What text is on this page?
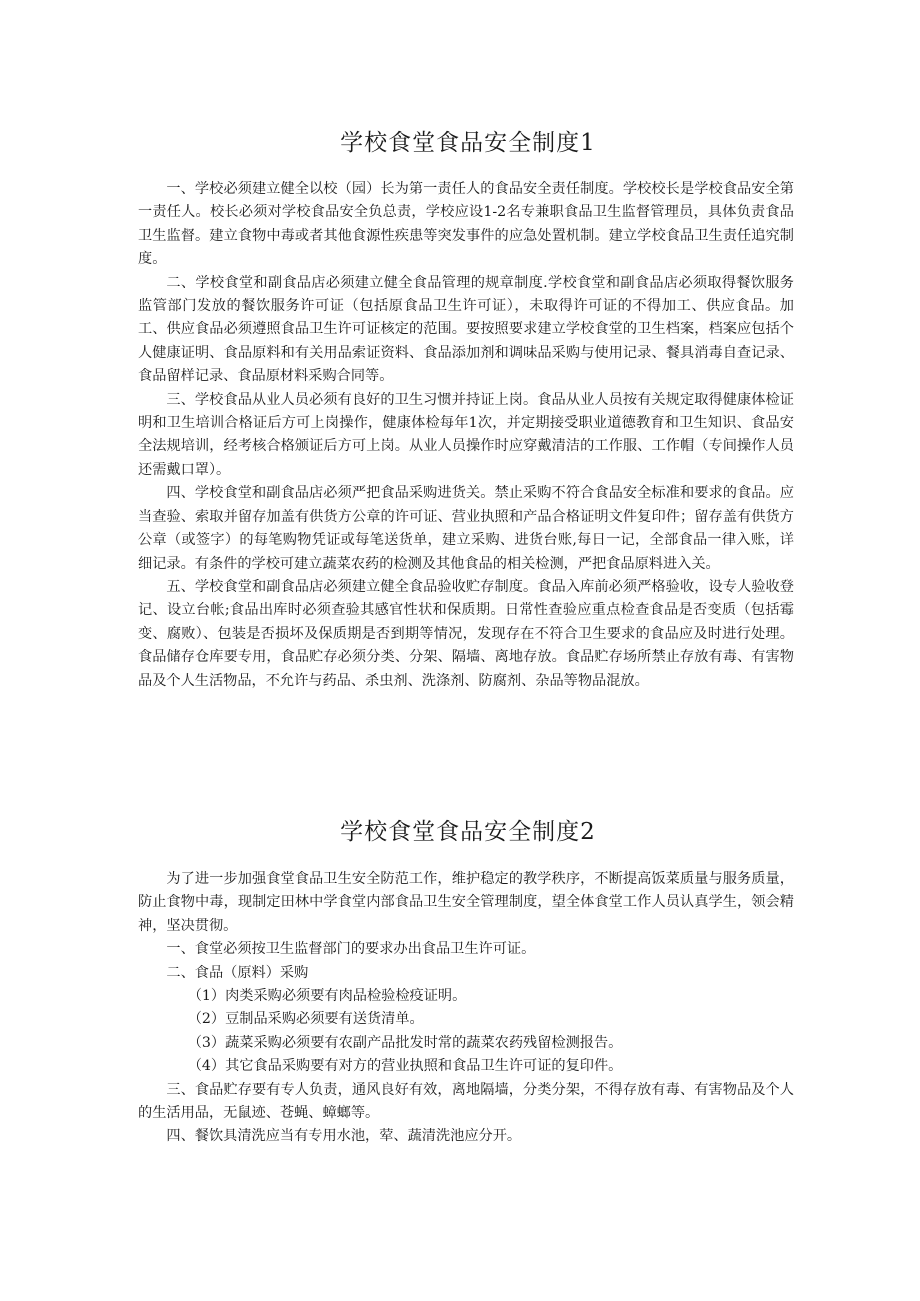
学校食堂食品安全制度1

一、学校必须建立健全以校（园）长为第一责任人的食品安全责任制度。学校校长是学校食品安全第一责任人。校长必须对学校食品安全负总责，学校应设1-2名专兼职食品卫生监督管理员，具体负责食品卫生监督。建立食物中毒或者其他食源性疾患等突发事件的应急处置机制。建立学校食品卫生责任追究制度。

二、学校食堂和副食品店必须建立健全食品管理的规章制度.学校食堂和副食品店必须取得餐饮服务监管部门发放的餐饮服务许可证（包括原食品卫生许可证），未取得许可证的不得加工、供应食品。加工、供应食品必须遵照食品卫生许可证核定的范围。要按照要求建立学校食堂的卫生档案，档案应包括个人健康证明、食品原料和有关用品索证资料、食品添加剂和调味品采购与使用记录、餐具消毒自查记录、食品留样记录、食品原材料采购合同等。

三、学校食品从业人员必须有良好的卫生习惯并持证上岗。食品从业人员按有关规定取得健康体检证明和卫生培训合格证后方可上岗操作，健康体检每年1次，并定期接受职业道德教育和卫生知识、食品安全法规培训，经考核合格颁证后方可上岗。从业人员操作时应穿戴清洁的工作服、工作帽（专间操作人员还需戴口罩）。

四、学校食堂和副食品店必须严把食品采购进货关。禁止采购不符合食品安全标准和要求的食品。应当查验、索取并留存加盖有供货方公章的许可证、营业执照和产品合格证明文件复印件；留存盖有供货方公章（或签字）的每笔购物凭证或每笔送货单，建立采购、进货台账,每日一记，全部食品一律入账，详细记录。有条件的学校可建立蔬菜农药的检测及其他食品的相关检测，严把食品原料进入关。

五、学校食堂和副食品店必须建立健全食品验收贮存制度。食品入库前必须严格验收，设专人验收登记、设立台帐;食品出库时必须查验其感官性状和保质期。日常性查验应重点检查食品是否变质（包括霉变、腐败）、包装是否损坏及保质期是否到期等情况，发现存在不符合卫生要求的食品应及时进行处理。食品储存仓库要专用，食品贮存必须分类、分架、隔墙、离地存放。食品贮存场所禁止存放有毒、有害物品及个人生活物品，不允许与药品、杀虫剂、洗涤剂、防腐剂、杂品等物品混放。

学校食堂食品安全制度2

为了进一步加强食堂食品卫生安全防范工作，维护稳定的教学秩序，不断提高饭菜质量与服务质量，防止食物中毒，现制定田林中学食堂内部食品卫生安全管理制度，望全体食堂工作人员认真学生，领会精神，坚决贯彻。

一、食堂必须按卫生监督部门的要求办出食品卫生许可证。

二、食品（原料）采购

（1）肉类采购必须要有肉品检验检疫证明。

（2）豆制品采购必须要有送货清单。

（3）蔬菜采购必须要有农副产品批发时常的蔬菜农药残留检测报告。

（4）其它食品采购要有对方的营业执照和食品卫生许可证的复印件。

三、食品贮存要有专人负责，通风良好有效，离地隔墙，分类分架，不得存放有毒、有害物品及个人的生活用品，无鼠迹、苍蝇、蟑螂等。

四、餐饮具清洗应当有专用水池，荤、蔬清洗池应分开。
